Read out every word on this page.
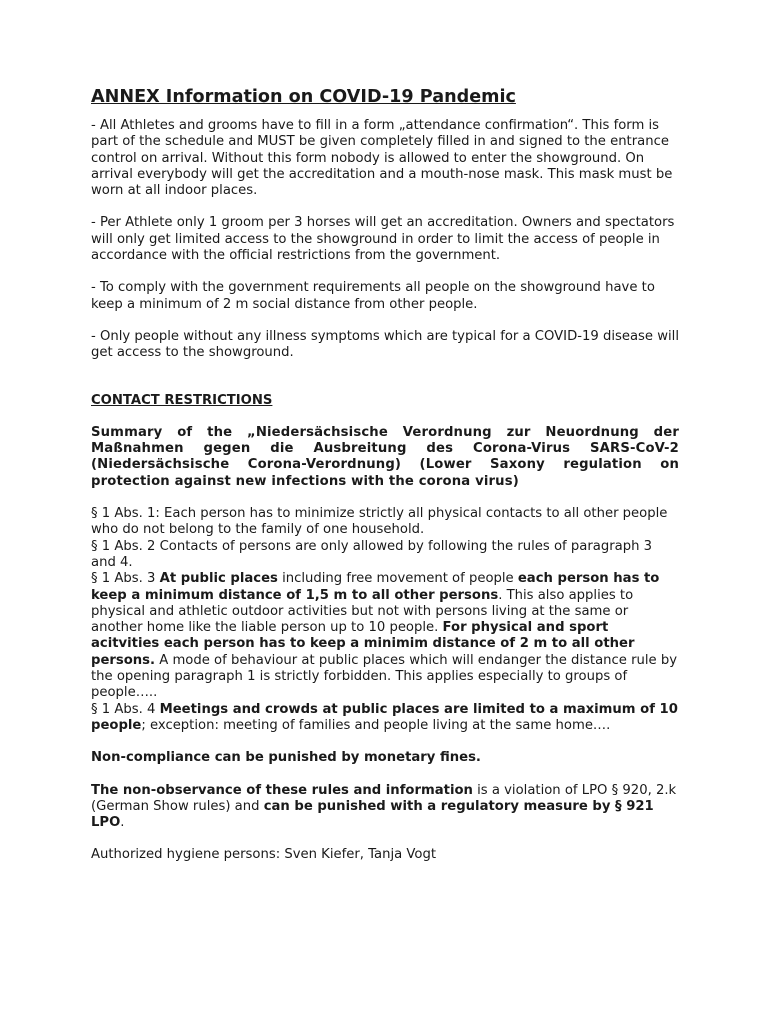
ANNEX Information on COVID-19 Pandemic

- All Athletes and grooms have to fill in a form „attendance confirmation“. This form is part of the schedule and MUST be given completely filled in and signed to the entrance control on arrival. Without this form nobody is allowed to enter the showground. On arrival everybody will get the accreditation and a mouth-nose mask. This mask must be worn at all indoor places.

- Per Athlete only 1 groom per 3 horses will get an accreditation. Owners and spectators will only get limited access to the showground in order to limit the access of people in accordance with the official restrictions from the government.

- To comply with the government requirements all people on the showground have to keep a minimum of 2 m social distance from other people.

- Only people without any illness symptoms which are typical for a COVID-19 disease will get access to the showground.

CONTACT RESTRICTIONS

Summary of the „Niedersächsische Verordnung zur Neuordnung der Maßnahmen gegen die Ausbreitung des Corona-Virus SARS-CoV-2 (Niedersächsische Corona-Verordnung) (Lower Saxony regulation on protection against new infections with the corona virus)

§ 1 Abs. 1: Each person has to minimize strictly all physical contacts to all other people who do not belong to the family of one household.

§ 1 Abs. 2 Contacts of persons are only allowed by following the rules of paragraph 3 and 4.

§ 1 Abs. 3 At public places including free movement of people each person has to keep a minimum distance of 1,5 m to all other persons. This also applies to physical and athletic outdoor activities but not with persons living at the same or another home like the liable person up to 10 people. For physical and sport acitvities each person has to keep a minimim distance of 2 m to all other persons. A mode of behaviour at public places which will endanger the distance rule by the opening paragraph 1 is strictly forbidden. This applies especially to groups of people…..

§ 1 Abs. 4 Meetings and crowds at public places are limited to a maximum of 10 people; exception: meeting of families and people living at the same home….

Non-compliance can be punished by monetary fines.

The non-observance of these rules and information is a violation of LPO § 920, 2.k (German Show rules) and can be punished with a regulatory measure by § 921 LPO.

Authorized hygiene persons: Sven Kiefer, Tanja Vogt
